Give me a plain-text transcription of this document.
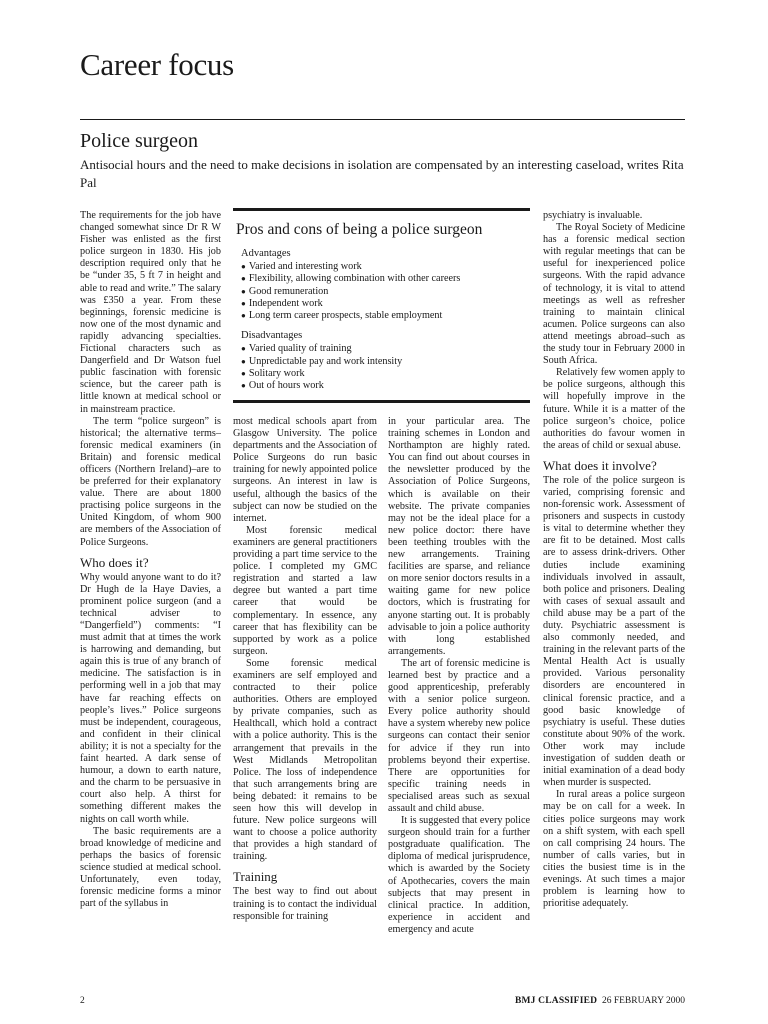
Career focus
Police surgeon
Antisocial hours and the need to make decisions in isolation are compensated by an interesting caseload, writes Rita Pal

The requirements for the job have changed somewhat since Dr R W Fisher was enlisted as the first police surgeon in 1830. His job description required only that he be “under 35, 5 ft 7 in height and able to read and write.” The salary was £350 a year. From these beginnings, forensic medicine is now one of the most dynamic and rapidly advancing specialties. Fictional characters such as Dangerfield and Dr Watson fuel public fascination with forensic science, but the career path is little known at medical school or in mainstream practice.

The term “police surgeon” is historical; the alternative terms– forensic medical examiners (in Britain) and forensic medical officers (Northern Ireland)–are to be preferred for their explanatory value. There are about 1800 practising police surgeons in the United Kingdom, of whom 900 are members of the Association of Police Surgeons.

Who does it?

Why would anyone want to do it? Dr Hugh de la Haye Davies, a prominent police surgeon (and a technical adviser to “Dangerfield”) comments: “I must admit that at times the work is harrowing and demanding, but again this is true of any branch of medicine. The satisfaction is in performing well in a job that may have far reaching effects on people’s lives.” Police surgeons must be independent, courageous, and confident in their clinical ability; it is not a specialty for the faint hearted. A dark sense of humour, a down to earth nature, and the charm to be persuasive in court also help. A thirst for something different makes the nights on call worth while.

The basic requirements are a broad knowledge of medicine and perhaps the basics of forensic science studied at medical school. Unfortunately, even today, forensic medicine forms a minor part of the syllabus in

Pros and cons of being a police surgeon
Advantages
● Varied and interesting work
● Flexibility, allowing combination with other careers
● Good remuneration
● Independent work
● Long term career prospects, stable employment
Disadvantages
● Varied quality of training
● Unpredictable pay and work intensity
● Solitary work
● Out of hours work

most medical schools apart from Glasgow University. The police departments and the Association of Police Surgeons do run basic training for newly appointed police surgeons. An interest in law is useful, although the basics of the subject can now be studied on the internet.

Most forensic medical examiners are general practitioners providing a part time service to the police. I completed my GMC registration and started a law degree but wanted a part time career that would be complementary. In essence, any career that has flexibility can be supported by work as a police surgeon.

Some forensic medical examiners are self employed and contracted to their police authorities. Others are employed by private companies, such as Healthcall, which hold a contract with a police authority. This is the arrangement that prevails in the West Midlands Metropolitan Police. The loss of independence that such arrangements bring are being debated: it remains to be seen how this will develop in future. New police surgeons will want to choose a police authority that provides a high standard of training.

Training

The best way to find out about training is to contact the individual responsible for training

in your particular area. The training schemes in London and Northampton are highly rated. You can find out about courses in the newsletter produced by the Association of Police Surgeons, which is available on their website. The private companies may not be the ideal place for a new police doctor: there have been teething troubles with the new arrangements. Training facilities are sparse, and reliance on more senior doctors results in a waiting game for new police doctors, which is frustrating for anyone starting out. It is probably advisable to join a police authority with long established arrangements.

The art of forensic medicine is learned best by practice and a good apprenticeship, preferably with a senior police surgeon. Every police authority should have a system whereby new police surgeons can contact their senior for advice if they run into problems beyond their expertise. There are opportunities for specific training needs in specialised areas such as sexual assault and child abuse.

It is suggested that every police surgeon should train for a further postgraduate qualification. The diploma of medical jurisprudence, which is awarded by the Society of Apothecaries, covers the main subjects that may present in clinical practice. In addition, experience in accident and emergency and acute

psychiatry is invaluable.

The Royal Society of Medicine has a forensic medical section with regular meetings that can be useful for inexperienced police surgeons. With the rapid advance of technology, it is vital to attend meetings as well as refresher training to maintain clinical acumen. Police surgeons can also attend meetings abroad–such as the study tour in February 2000 in South Africa.

Relatively few women apply to be police surgeons, although this will hopefully improve in the future. While it is a matter of the police surgeon’s choice, police authorities do favour women in the areas of child or sexual abuse.

What does it involve?

The role of the police surgeon is varied, comprising forensic and non-forensic work. Assessment of prisoners and suspects in custody is vital to determine whether they are fit to be detained. Most calls are to assess drink-drivers. Other duties include examining individuals involved in assault, both police and prisoners. Dealing with cases of sexual assault and child abuse may be a part of the duty. Psychiatric assessment is also commonly needed, and training in the relevant parts of the Mental Health Act is usually provided. Various personality disorders are encountered in clinical forensic practice, and a good basic knowledge of psychiatry is useful. These duties constitute about 90% of the work. Other work may include investigation of sudden death or initial examination of a dead body when murder is suspected.

In rural areas a police surgeon may be on call for a week. In cities police surgeons may work on a shift system, with each spell on call comprising 24 hours. The number of calls varies, but in cities the busiest time is in the evenings. At such times a major problem is learning how to prioritise adequately.

2	BMJ CLASSIFIED 26 FEBRUARY 2000
